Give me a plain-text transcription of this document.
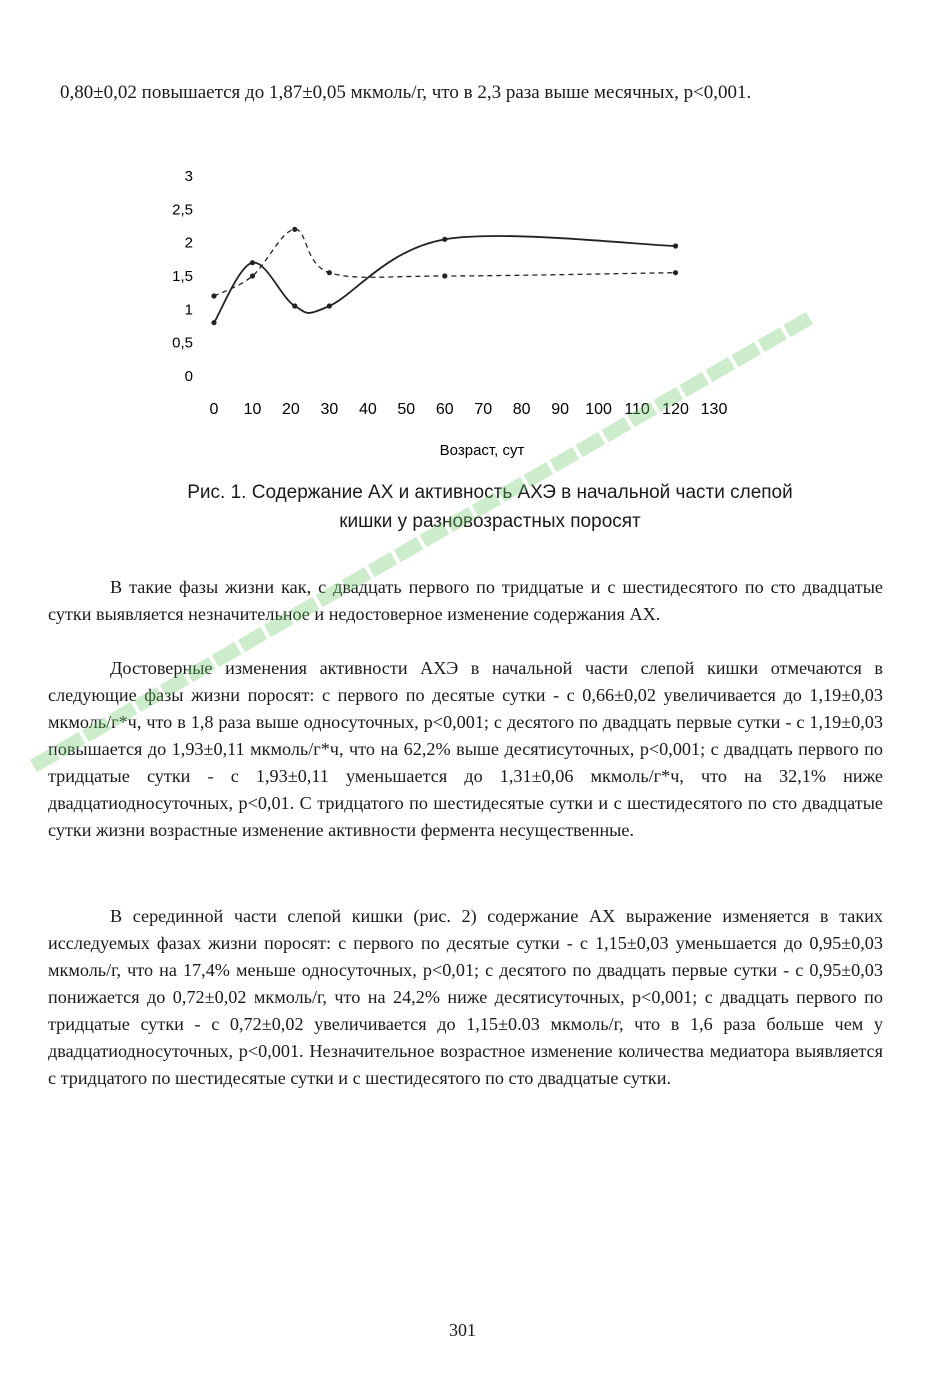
0,80±0,02 повышается до 1,87±0,05 мкмоль/г, что в 2,3 раза выше месячных, р<0,001.

3
2,5
2
1,5
1
0,5
0
0 10 20 30 40 50 60 70 80 90 100 110 120 130
Возраст, сут
Рис. 1. Содержание АХ и активность АХЭ в начальной части слепой
кишки у разновозрастных поросят

В такие фазы жизни как, с двадцать первого по тридцатые и с шестидесятого по сто двадцатые сутки выявляется незначительное и недостоверное изменение содержания АХ.

Достоверные изменения активности АХЭ в начальной части слепой кишки отмечаются в следующие фазы жизни поросят: с первого по десятые сутки - с 0,66±0,02 увеличивается до 1,19±0,03 мкмоль/г*ч, что в 1,8 раза выше односуточных, р<0,001; с десятого по двадцать первые сутки - с 1,19±0,03 повышается до 1,93±0,11 мкмоль/г*ч, что на 62,2% выше десятисуточных, р<0,001; с двадцать первого по тридцатые сутки - с 1,93±0,11 уменьшается до 1,31±0,06 мкмоль/г*ч, что на 32,1% ниже двадцатиодносуточных, р<0,01. С тридцатого по шестидесятые сутки и с шестидесятого по сто двадцатые сутки жизни возрастные изменение активности фермента несущественные.

В серединной части слепой кишки (рис. 2) содержание АХ выражение изменяется в таких исследуемых фазах жизни поросят: с первого по десятые сутки - с 1,15±0,03 уменьшается до 0,95±0,03 мкмоль/г, что на 17,4% меньше односуточных, р<0,01; с десятого по двадцать первые сутки - с 0,95±0,03 понижается до 0,72±0,02 мкмоль/г, что на 24,2% ниже десятисуточных, р<0,001; с двадцать первого по тридцатые сутки - с 0,72±0,02 увеличивается до 1,15±0.03 мкмоль/г, что в 1,6 раза больше чем у двадцатиодносуточных, р<0,001. Незначительное возрастное изменение количества медиатора выявляется с тридцатого по шестидесятые сутки и с шестидесятого по сто двадцатые сутки.

301
